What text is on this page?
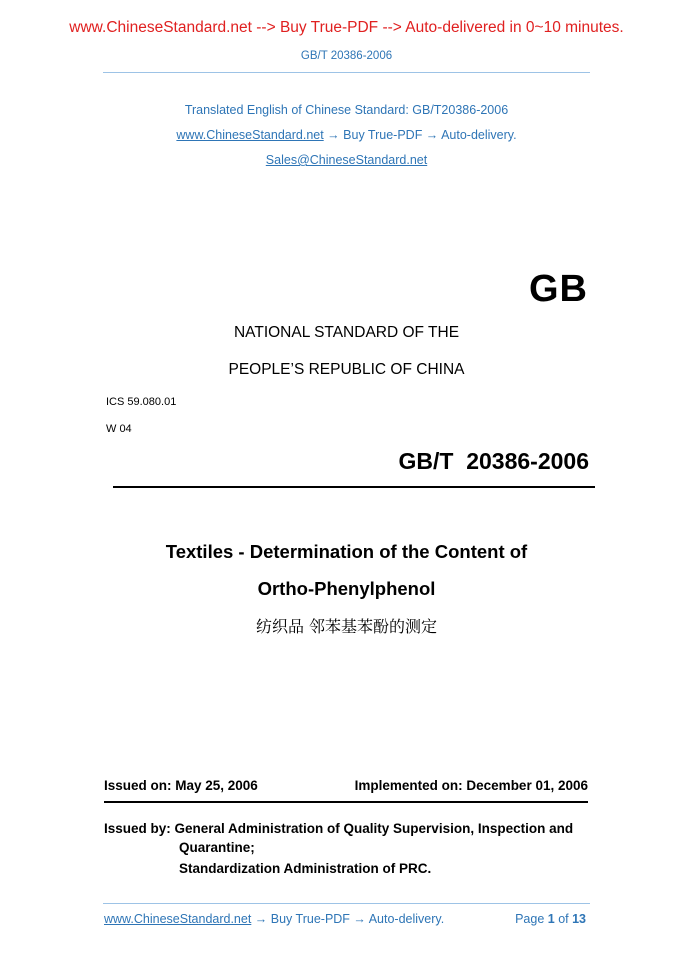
www.ChineseStandard.net --> Buy True-PDF --> Auto-delivered in 0~10 minutes.
GB/T 20386-2006
Translated English of Chinese Standard: GB/T20386-2006
www.ChineseStandard.net → Buy True-PDF → Auto-delivery.
Sales@ChineseStandard.net
GB
NATIONAL STANDARD OF THE
PEOPLE’S REPUBLIC OF CHINA
ICS 59.080.01
W 04
GB/T  20386-2006
Textiles - Determination of the Content of
Ortho-Phenylphenol
纺织品 邻苯基苯酚的测定
Issued on: May 25, 2006	Implemented on: December 01, 2006
Issued by: General Administration of Quality Supervision, Inspection and
Quarantine;
Standardization Administration of PRC.
www.ChineseStandard.net → Buy True-PDF → Auto-delivery.	Page 1 of 13
